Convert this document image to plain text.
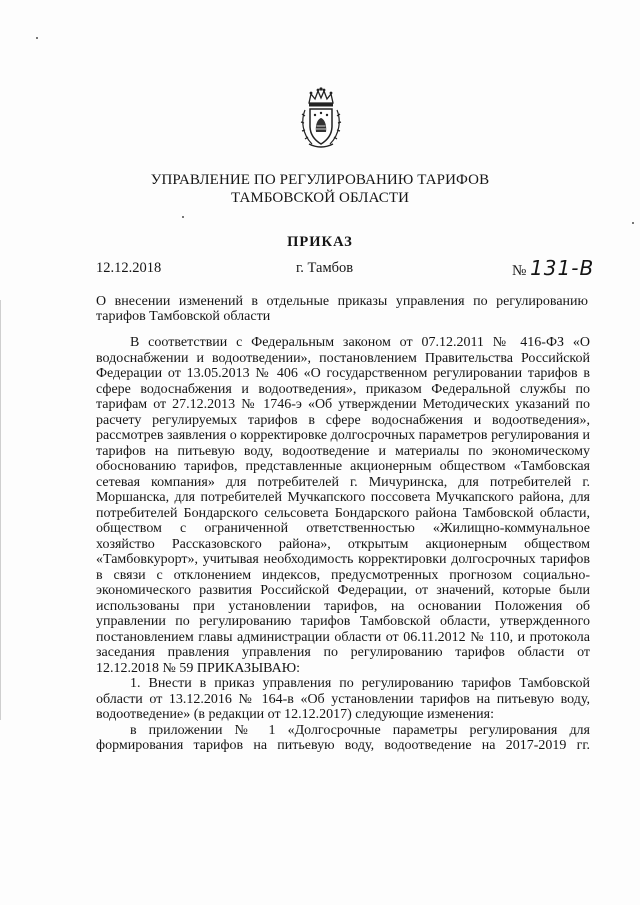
УПРАВЛЕНИЕ ПО РЕГУЛИРОВАНИЮ ТАРИФОВ
ТАМБОВСКОЙ ОБЛАСТИ
ПРИКАЗ
12.12.2018	г. Тамбов	№ 131-В
О внесении изменений в отдельные приказы управления по регулированию тарифов Тамбовской области

В соответствии с Федеральным законом от 07.12.2011 № 416-ФЗ «О водоснабжении и водоотведении», постановлением Правительства Российской Федерации от 13.05.2013 № 406 «О государственном регулировании тарифов в сфере водоснабжения и водоотведения», приказом Федеральной службы по тарифам от 27.12.2013 № 1746-э «Об утверждении Методических указаний по расчету регулируемых тарифов в сфере водоснабжения и водоотведения», рассмотрев заявления о корректировке долгосрочных параметров регулирования и тарифов на питьевую воду, водоотведение и материалы по экономическому обоснованию тарифов, представленные акционерным обществом «Тамбовская сетевая компания» для потребителей г. Мичуринска, для потребителей г. Моршанска, для потребителей Мучкапского поссовета Мучкапского района, для потребителей Бондарского сельсовета Бондарского района Тамбовской области, обществом с ограниченной ответственностью «Жилищно-коммунальное хозяйство Рассказовского района», открытым акционерным обществом «Тамбовкурорт», учитывая необходимость корректировки долгосрочных тарифов в связи с отклонением индексов, предусмотренных прогнозом социально-экономического развития Российской Федерации, от значений, которые были использованы при установлении тарифов, на основании Положения об управлении по регулированию тарифов Тамбовской области, утвержденного постановлением главы администрации области от 06.11.2012 № 110, и протокола заседания правления управления по регулированию тарифов области от 12.12.2018 № 59 ПРИКАЗЫВАЮ:

1. Внести в приказ управления по регулированию тарифов Тамбовской области от 13.12.2016 № 164-в «Об установлении тарифов на питьевую воду, водоотведение» (в редакции от 12.12.2017) следующие изменения:

в приложении № 1 «Долгосрочные параметры регулирования для формирования тарифов на питьевую воду, водоотведение на 2017-2019 гг.
